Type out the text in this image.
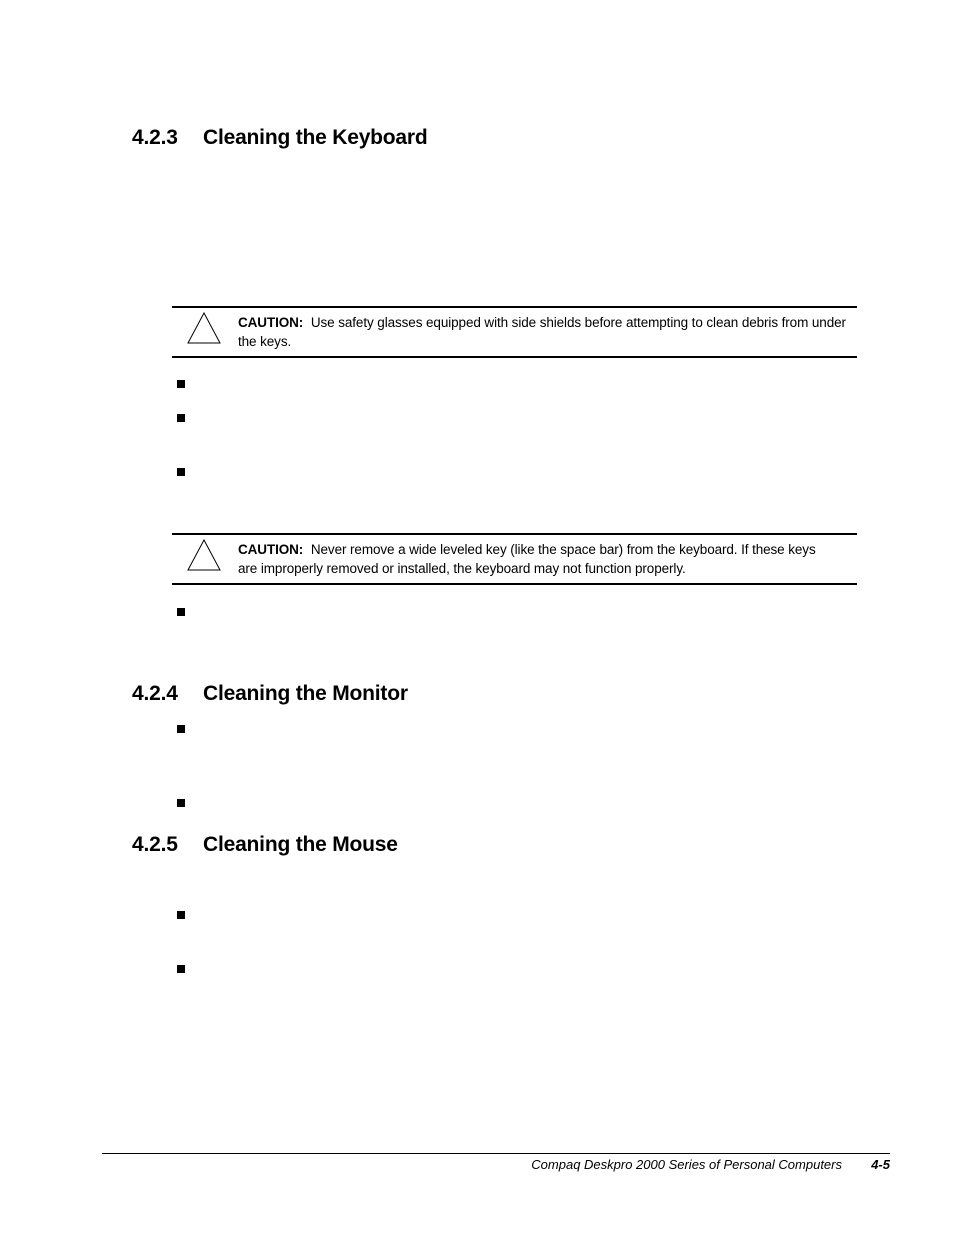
4.2.3	Cleaning the Keyboard
CAUTION: Use safety glasses equipped with side shields before attempting to clean debris from under the keys.
CAUTION: Never remove a wide leveled key (like the space bar) from the keyboard. If these keys are improperly removed or installed, the keyboard may not function properly.
4.2.4	Cleaning the Monitor
4.2.5	Cleaning the Mouse
Compaq Deskpro 2000 Series of Personal Computers 4-5
